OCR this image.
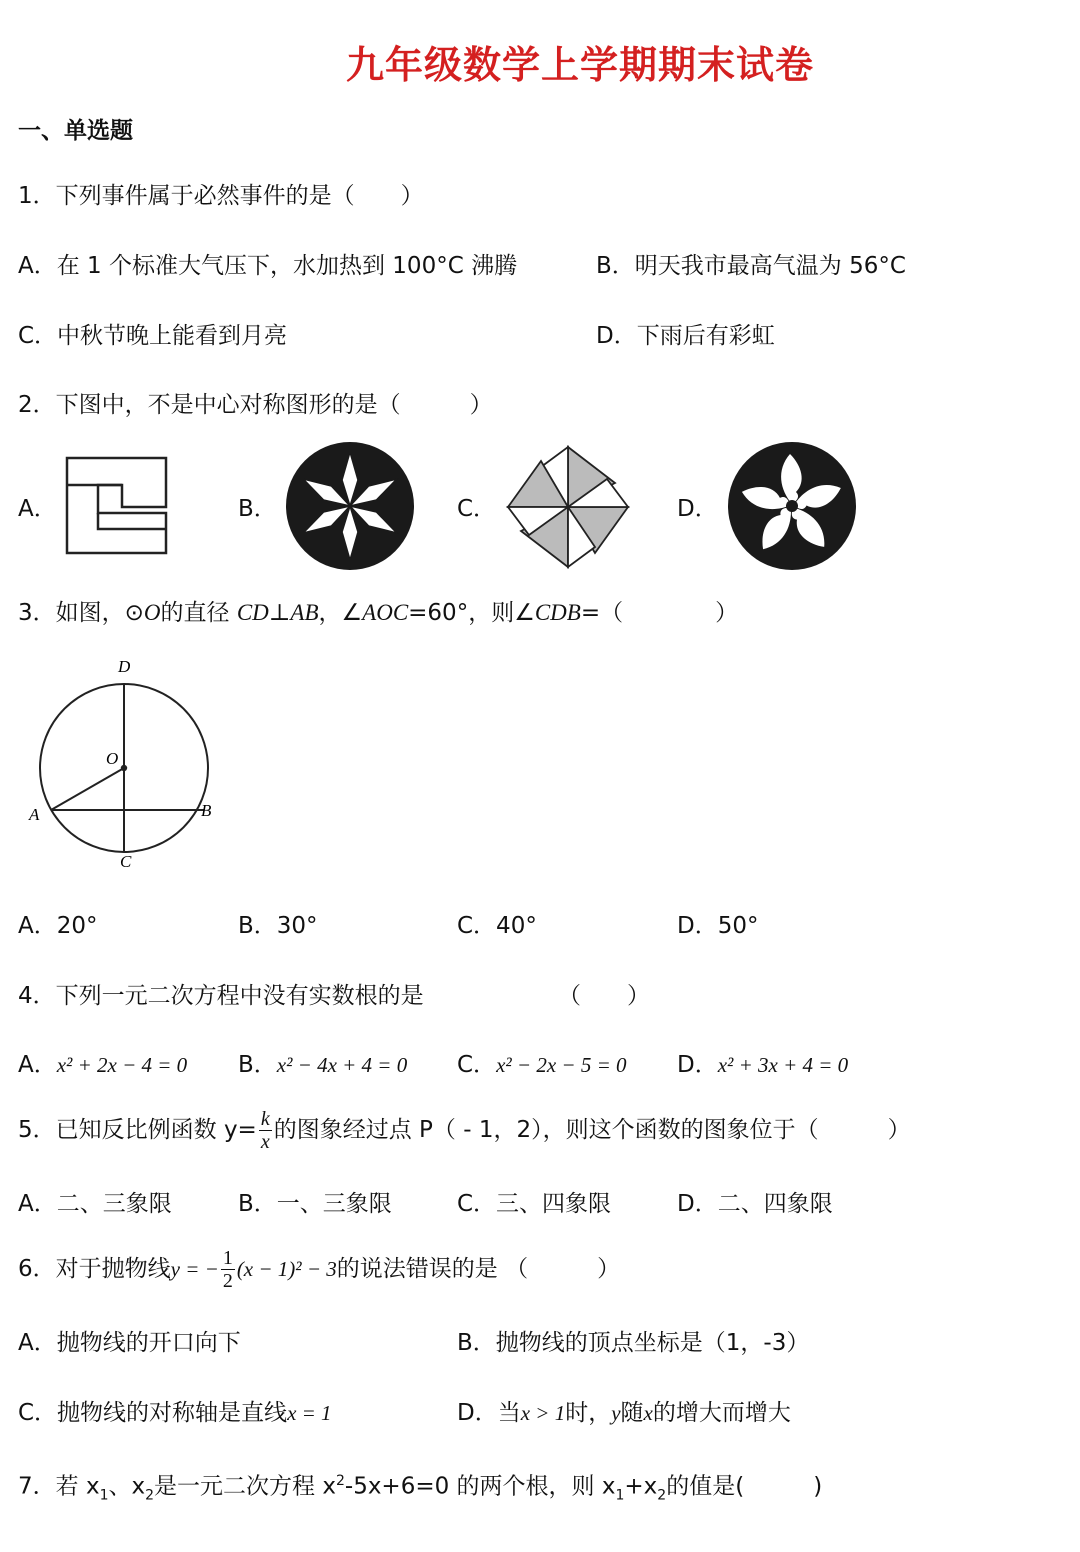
九年级数学上学期期末试卷
一、单选题
1．下列事件属于必然事件的是（　　）
A．在 1 个标准大气压下，水加热到 100°C 沸腾	B．明天我市最高气温为 56°C
C．中秋节晚上能看到月亮	D．下雨后有彩虹
2．下图中，不是中心对称图形的是（　　　）
A．	B．	C．	D．
3．如图，⊙O的直径 CD⊥AB，∠AOC=60°，则∠CDB=（　　　　）
D
O
A	B
C
A．20°	B．30°	C．40°	D．50°
4．下列一元二次方程中没有实数根的是	（　　）
A．x² + 2x − 4 = 0 B．x² − 4x + 4 = 0 C．x² − 2x − 5 = 0 D．x² + 3x + 4 = 0
5．已知反比例函数 $y= \frac{k}{x}$ 的图象经过点 P（ - 1，2），则这个函数的图象位于（　　　）
A．二、三象限	B．一、三象限	C．三、四象限	D．二、四象限
6．对于抛物线y = − $\frac{1}{2} (x - 1)^2 - 3$的说法错误的是 （　　　）
A．抛物线的开口向下	B．抛物线的顶点坐标是（1，-3）
C．抛物线的对称轴是直线x = 1	D．当x > 1时，y随x的增大而增大
7．若 $x_1$、$x_2$是一元二次方程 $x^2-5x+6=0$ 的两个根，则 $x_1+x_2$的值是(　　　)
